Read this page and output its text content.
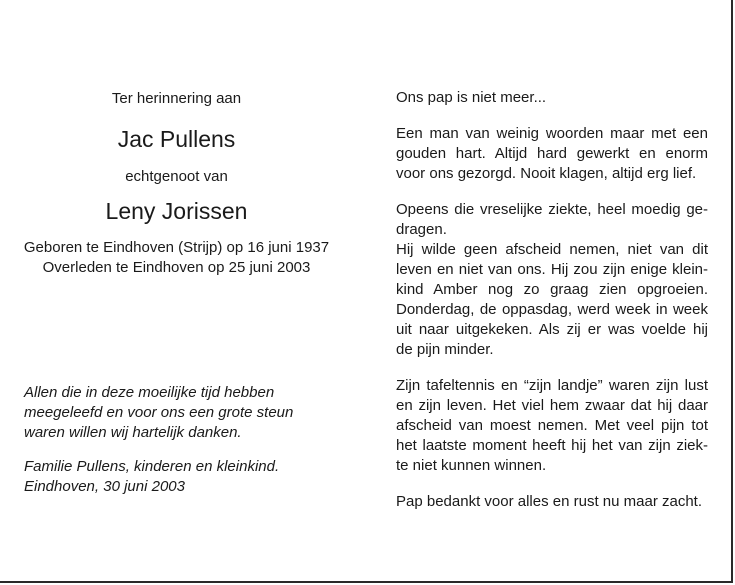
Ter herinnering aan
Jac Pullens
echtgenoot van
Leny Jorissen
Geboren te Eindhoven (Strijp) op 16 juni 1937
Overleden te Eindhoven op 25 juni 2003
Allen die in deze moeilijke tijd hebben
meegeleefd en voor ons een grote steun
waren willen wij hartelijk danken.
Familie Pullens, kinderen en kleinkind.
Eindhoven, 30 juni 2003
Ons pap is niet meer...
Een man van weinig woorden maar met een
gouden hart. Altijd hard gewerkt en enorm
voor ons gezorgd. Nooit klagen, altijd erg lief.
Opeens die vreselijke ziekte, heel moedig ge-
dragen.
Hij wilde geen afscheid nemen, niet van dit
leven en niet van ons. Hij zou zijn enige klein-
kind Amber nog zo graag zien opgroeien.
Donderdag, de oppasdag, werd week in week
uit naar uitgekeken. Als zij er was voelde hij
de pijn minder.
Zijn tafeltennis en “zijn landje” waren zijn lust
en zijn leven. Het viel hem zwaar dat hij daar
afscheid van moest nemen. Met veel pijn tot
het laatste moment heeft hij het van zijn ziek-
te niet kunnen winnen.
Pap bedankt voor alles en rust nu maar zacht.
